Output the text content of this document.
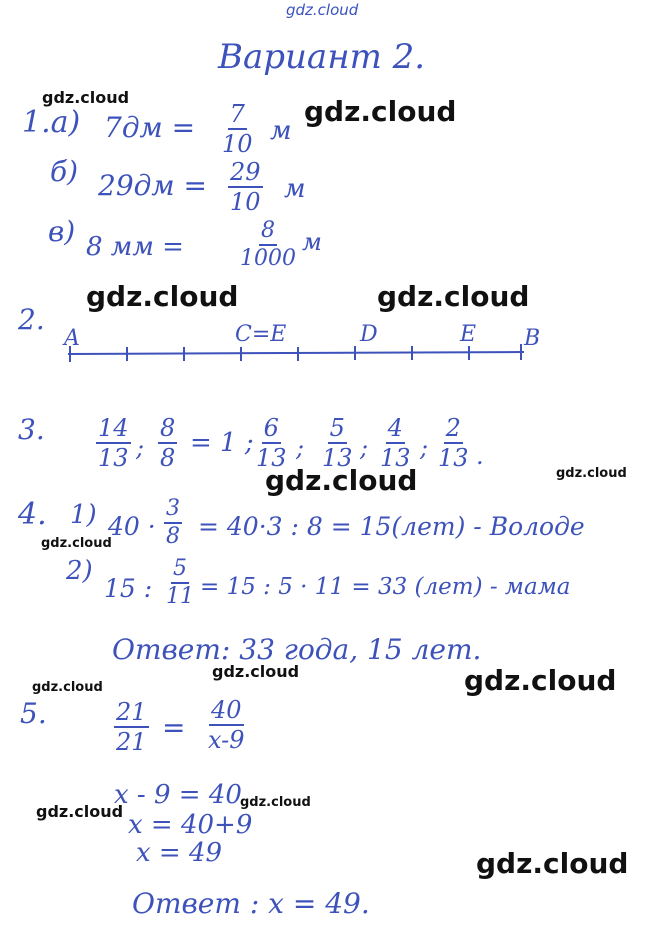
gdz.cloud
gdz.cloud	gdz.cloud
gdz.cloud	gdz.cloud
gdz.cloud
gdz.cloud
gdz.cloud
gdz.cloud
gdz.cloud	gdz.cloud
gdz.cloud	gdz.cloud
gdz.cloud
Вариант 2.
1.а) $7дм = \frac{7}{10}$ м
б) $29дм = \frac{29}{10}$ м
в) 8 мм =	$\frac{8}{1000}$ м
2.
A	C=E	D	E B
3. $\frac{14}{13}$ ; $\frac{8}{8} = 1$ ; $\frac{6}{13}$ ; $\frac{5}{13}$ ; $\frac{4}{13}$ ; $\frac{2}{13}$ .
4. 1) $40 \cdot \frac{3}{8} = 40\cdot 3$ : 8 = 15(лет) - Володе
2)
15 : $\frac{5}{11} = 15$ : 5 · 11 = 33 (лет) - мама
Ответ: 33 года, 15 лет.
5.	$\frac{21}{21} = \frac{40}{x-9}$
x - 9 = 40
x = 40+9
x = 49
Ответ : x = 49.
